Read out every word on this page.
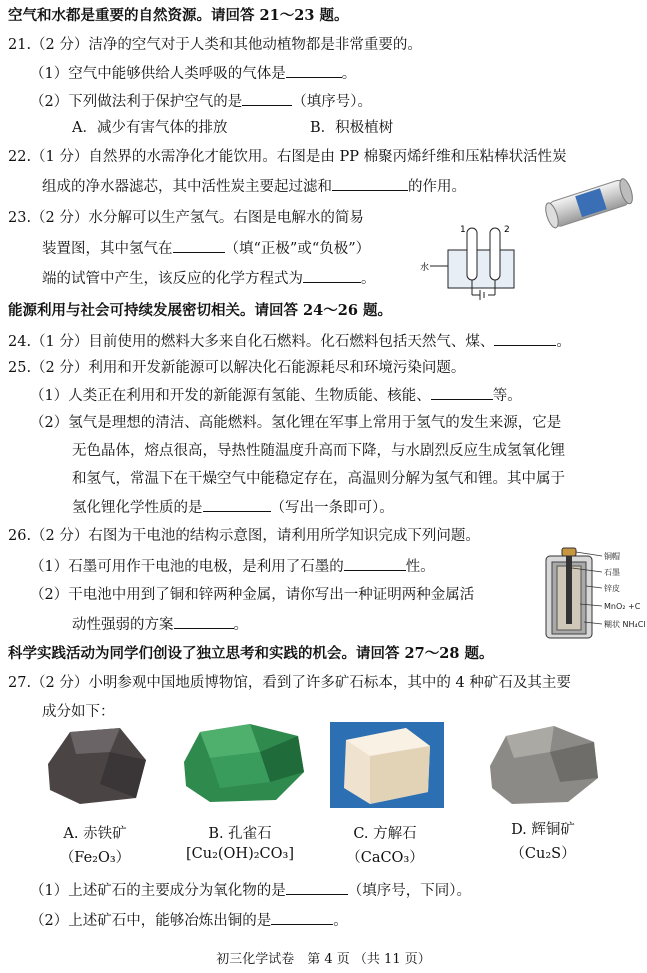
空气和水都是重要的自然资源。请回答 21～23 题。
21.（2 分）洁净的空气对于人类和其他动植物都是非常重要的。
（1）空气中能够供给人类呼吸的气体是	。
（2）下列做法利于保护空气的是	（填序号）。
A．减少有害气体的排放	B．积极植树
22.（1 分）自然界的水需净化才能饮用。右图是由 PP 棉聚丙烯纤维和压粘棒状活性炭
组成的净水器滤芯，其中活性炭主要起过滤和	的作用。
23.（2 分）水分解可以生产氢气。右图是电解水的简易
装置图，其中氢气在	（填“正极”或“负极”）
端的试管中产生，该反应的化学方程式为	。
1	2
水
能源利用与社会可持续发展密切相关。请回答 24～26 题。
24.（1 分）目前使用的燃料大多来自化石燃料。化石燃料包括天然气、煤、	。
25.（2 分）利用和开发新能源可以解决化石能源耗尽和环境污染问题。
（1）人类正在利用和开发的新能源有氢能、生物质能、核能、	等。
（2）氢气是理想的清洁、高能燃料。氢化锂在军事上常用于氢气的发生来源，它是
无色晶体，熔点很高，导热性随温度升高而下降，与水剧烈反应生成氢氧化锂
和氢气，常温下在干燥空气中能稳定存在，高温则分解为氢气和锂。其中属于
氢化锂化学性质的是	（写出一条即可）。
26.（2 分）右图为干电池的结构示意图，请利用所学知识完成下列问题。
（1）石墨可用作干电池的电极，是利用了石墨的	性。
（2）干电池中用到了铜和锌两种金属，请你写出一种证明两种金属活
动性强弱的方案	。
铜帽
石墨
锌皮
MnO₂ +C
糊状 NH₄Cl
科学实践活动为同学们创设了独立思考和实践的机会。请回答 27～28 题。
27.（2 分）小明参观中国地质博物馆，看到了许多矿石标本，其中的 4 种矿石及其主要
成分如下：
A. 赤铁矿
（Fe₂O₃）
B. 孔雀石
[Cu₂(OH)₂CO₃]
C. 方解石
（CaCO₃）
D. 辉铜矿
（Cu₂S）
（1）上述矿石的主要成分为氧化物的是	（填序号，下同）。
（2）上述矿石中，能够冶炼出铜的是	。
初三化学试卷　第 4 页 （共 11 页）
